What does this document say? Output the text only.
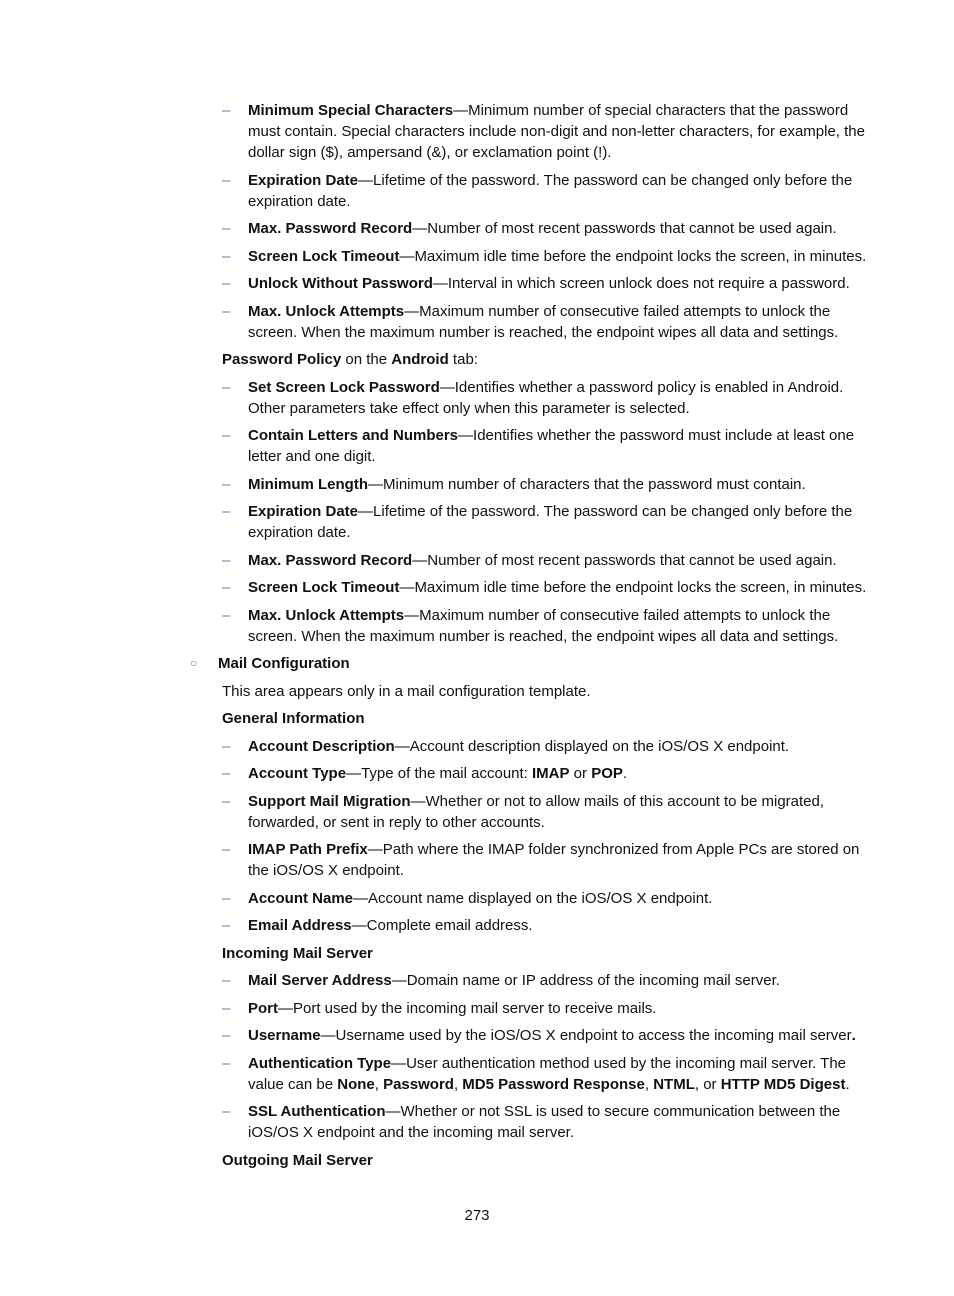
– Minimum Special Characters—Minimum number of special characters that the password must contain. Special characters include non-digit and non-letter characters, for example, the dollar sign ($), ampersand (&), or exclamation point (!).
– Expiration Date—Lifetime of the password. The password can be changed only before the expiration date.
– Max. Password Record—Number of most recent passwords that cannot be used again.
– Screen Lock Timeout—Maximum idle time before the endpoint locks the screen, in minutes.
– Unlock Without Password—Interval in which screen unlock does not require a password.
– Max. Unlock Attempts—Maximum number of consecutive failed attempts to unlock the screen. When the maximum number is reached, the endpoint wipes all data and settings.
Password Policy on the Android tab:
– Set Screen Lock Password—Identifies whether a password policy is enabled in Android. Other parameters take effect only when this parameter is selected.
– Contain Letters and Numbers—Identifies whether the password must include at least one letter and one digit.
– Minimum Length—Minimum number of characters that the password must contain.
– Expiration Date—Lifetime of the password. The password can be changed only before the expiration date.
– Max. Password Record—Number of most recent passwords that cannot be used again.
– Screen Lock Timeout—Maximum idle time before the endpoint locks the screen, in minutes.
– Max. Unlock Attempts—Maximum number of consecutive failed attempts to unlock the screen. When the maximum number is reached, the endpoint wipes all data and settings.
○ Mail Configuration
This area appears only in a mail configuration template.
General Information
– Account Description—Account description displayed on the iOS/OS X endpoint.
– Account Type—Type of the mail account: IMAP or POP.
– Support Mail Migration—Whether or not to allow mails of this account to be migrated, forwarded, or sent in reply to other accounts.
– IMAP Path Prefix—Path where the IMAP folder synchronized from Apple PCs are stored on the iOS/OS X endpoint.
– Account Name—Account name displayed on the iOS/OS X endpoint.
– Email Address—Complete email address.
Incoming Mail Server
– Mail Server Address—Domain name or IP address of the incoming mail server.
– Port—Port used by the incoming mail server to receive mails.
– Username—Username used by the iOS/OS X endpoint to access the incoming mail server.
– Authentication Type—User authentication method used by the incoming mail server. The value can be None, Password, MD5 Password Response, NTML, or HTTP MD5 Digest.
– SSL Authentication—Whether or not SSL is used to secure communication between the iOS/OS X endpoint and the incoming mail server.
Outgoing Mail Server
273
